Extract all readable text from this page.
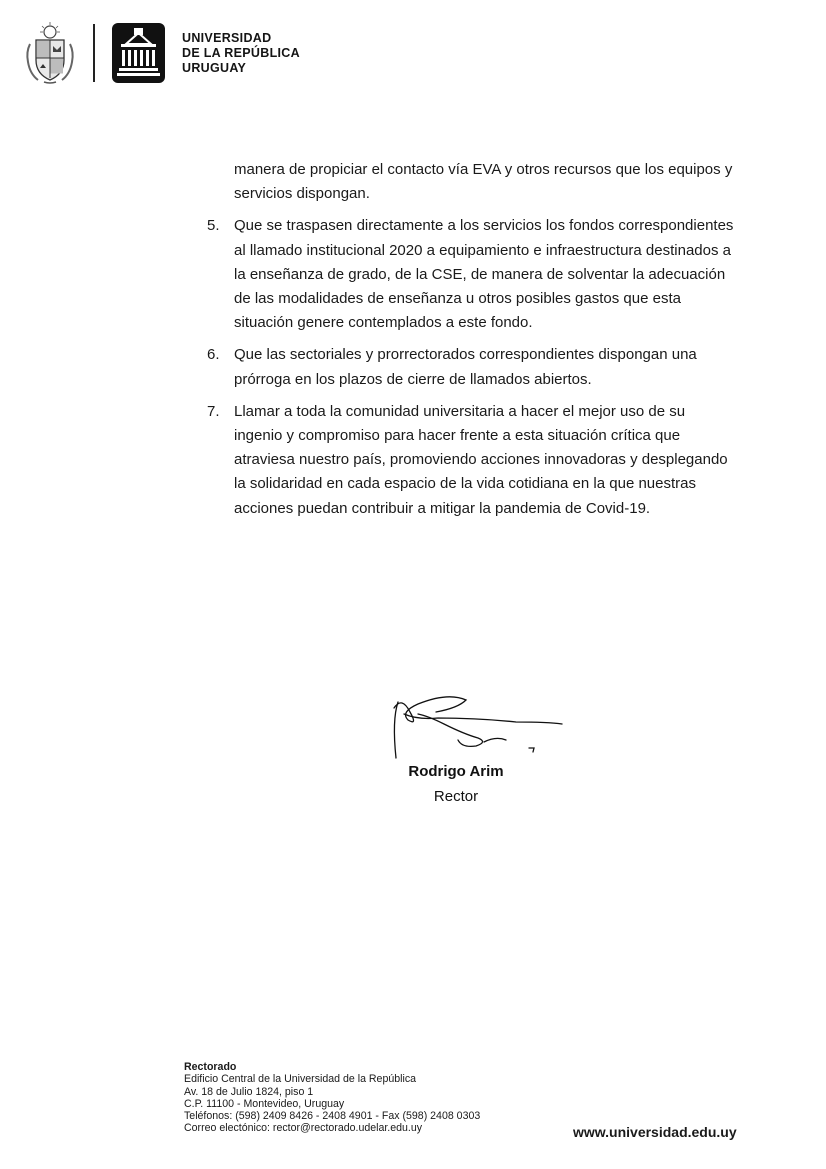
UNIVERSIDAD
DE LA REPÚBLICA
URUGUAY

manera de propiciar el contacto vía EVA y otros recursos que los equipos y servicios dispongan.

5. Que se traspasen directamente a los servicios los fondos correspondientes al llamado institucional 2020 a equipamiento e infraestructura destinados a la enseñanza de grado, de la CSE, de manera de solventar la adecuación de las modalidades de enseñanza u otros posibles gastos que esta situación genere contemplados a este fondo.
6. Que las sectoriales y prorrectorados correspondientes dispongan una prórroga en los plazos de cierre de llamados abiertos.
7. Llamar a toda la comunidad universitaria a hacer el mejor uso de su ingenio y compromiso para hacer frente a esta situación crítica que atraviesa nuestro país, promoviendo acciones innovadoras y desplegando la solidaridad en cada espacio de la vida cotidiana en la que nuestras acciones puedan contribuir a mitigar la pandemia de Covid-19.
Rodrigo Arim
Rector
Rectorado
Edificio Central de la Universidad de la República
Av. 18 de Julio 1824, piso 1
C.P. 11100 - Montevideo, Uruguay
Teléfonos: (598) 2409 8426 - 2408 4901 - Fax (598) 2408 0303
Correo electónico: rector@rectorado.udelar.edu.uy	www.universidad.edu.uy
